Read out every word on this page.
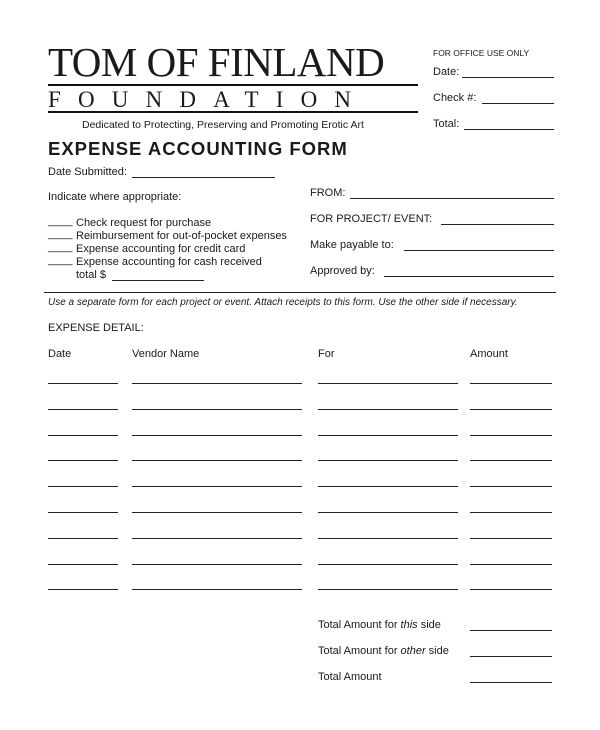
TOM OF FINLAND
FOUNDATION
Dedicated to Protecting, Preserving and Promoting Erotic Art
EXPENSE ACCOUNTING FORM
FOR OFFICE USE ONLY
Date:
Check #:
Total:
Date Submitted:
Indicate where appropriate:
____ Check request for purchase
____ Reimbursement for out-of-pocket expenses
____ Expense accounting for credit card
____ Expense accounting for cash received
total $
FROM:
FOR PROJECT/ EVENT:
Make payable to:
Approved by:
Use a separate form for each project or event. Attach receipts to this form. Use the other side if necessary.
EXPENSE DETAIL:
Date	Vendor Name	For	Amount
Total Amount for this side
Total Amount for other side
Total Amount
